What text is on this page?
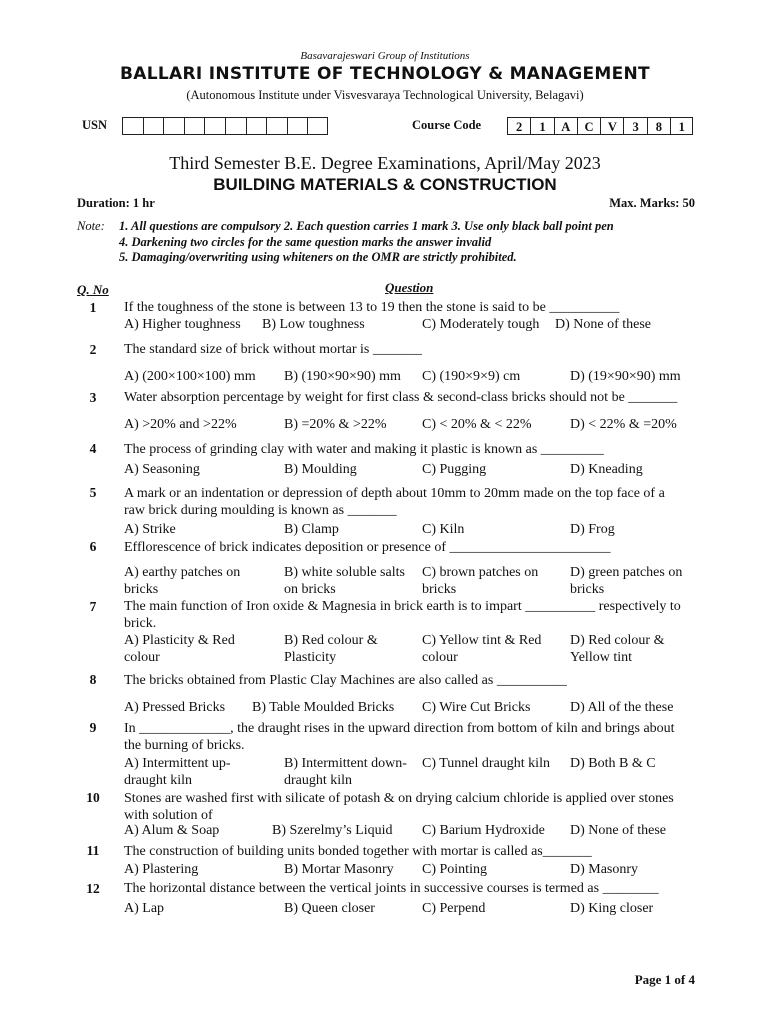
Basavarajeswari Group of Institutions
BALLARI INSTITUTE OF TECHNOLOGY & MANAGEMENT
(Autonomous Institute under Visvesvaraya Technological University, Belagavi)
USN	Course Code	2	1	A	C	V	3	8	1
Third Semester B.E. Degree Examinations, April/May 2023
BUILDING MATERIALS & CONSTRUCTION
Duration: 1 hr	Max. Marks: 50
Note: 1. All questions are compulsory 2. Each question carries 1 mark 3. Use only black ball point pen
4. Darkening two circles for the same question marks the answer invalid
5. Damaging/overwriting using whiteners on the OMR are strictly prohibited.
Q. No	Question
1	If the toughness of the stone is between 13 to 19 then the stone is said to be __________
A) Higher toughness B) Low toughness	C) Moderately tough D) None of these
2	The standard size of brick without mortar is _______
A) (200×100×100) mm B) (190×90×90) mm C) (190×9×9) cm	D) (19×90×90) mm
3	Water absorption percentage by weight for first class & second-class bricks should not be _______
A) >20% and >22%	B) =20% & >22%	C) < 20% & < 22%	D) < 22% & =20%
4	The process of grinding clay with water and making it plastic is known as _________
A) Seasoning	B) Moulding	C) Pugging	D) Kneading
5	A mark or an indentation or depression of depth about 10mm to 20mm made on the top face of a
raw brick during moulding is known as _______
A) Strike	B) Clamp	C) Kiln	D) Frog
6	Efflorescence of brick indicates deposition or presence of _______________________
A) earthy patches on
bricks
B) white soluble salts
on bricks
C) brown patches on
bricks
D) green patches on
bricks
7	The main function of Iron oxide & Magnesia in brick earth is to impart __________ respectively to
brick.
A) Plasticity & Red
colour
B) Red colour &
Plasticity
C) Yellow tint & Red
colour
D) Red colour &
Yellow tint
8	The bricks obtained from Plastic Clay Machines are also called as __________
A) Pressed Bricks B) Table Moulded Bricks C) Wire Cut Bricks	D) All of the these
9	In _____________, the draught rises in the upward direction from bottom of kiln and brings about
the burning of bricks.
A) Intermittent up-
draught kiln
B) Intermittent down-
draught kiln
C) Tunnel draught kiln D) Both B & C
10	Stones are washed first with silicate of potash & on drying calcium chloride is applied over stones
with solution of
A) Alum & Soap	B) Szerelmy’s Liquid C) Barium Hydroxide D) None of these
11	The construction of building units bonded together with mortar is called as_______
A) Plastering	B) Mortar Masonry C) Pointing	D) Masonry
12	The horizontal distance between the vertical joints in successive courses is termed as ________
A) Lap	B) Queen closer	C) Perpend	D) King closer
Page 1 of 4
